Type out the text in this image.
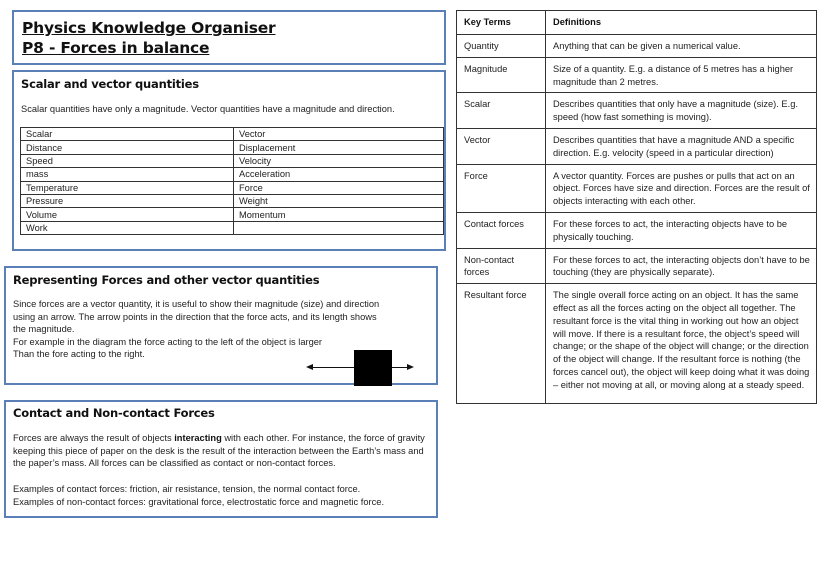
Physics Knowledge Organiser
P8 - Forces in balance
Scalar and vector quantities
Scalar quantities have only a magnitude. Vector quantities have a magnitude and direction.
Scalar	Vector
Distance	Displacement
Speed	Velocity
mass	Acceleration
Temperature	Force
Pressure	Weight
Volume	Momentum
Work	
Representing Forces and other vector quantities
Since forces are a vector quantity, it is useful to show their magnitude (size) and direction
using an arrow. The arrow points in the direction that the force acts, and its length shows
the magnitude.
For example in the diagram the force acting to the left of the object is larger
Than the fore acting to the right.
Contact and Non-contact Forces
Forces are always the result of objects interacting with each other. For instance, the force of gravity keeping this piece of paper on the desk is the result of the interaction between the Earth’s mass and the paper’s mass. All forces can be classified as contact or non-contact forces.
Examples of contact forces: friction, air resistance, tension, the normal contact force.
Examples of non-contact forces: gravitational force, electrostatic force and magnetic force.
Key Terms	Definitions
Quantity	Anything that can be given a numerical value.
Magnitude	Size of a quantity. E.g. a distance of 5 metres has a higher magnitude than 2 metres.
Scalar	Describes quantities that only have a magnitude (size). E.g. speed (how fast something is moving).
Vector	Describes quantities that have a magnitude AND a specific direction. E.g. velocity (speed in a particular direction)
Force	A vector quantity. Forces are pushes or pulls that act on an object. Forces have size and direction. Forces are the result of objects interacting with each other.
Contact forces	For these forces to act, the interacting objects have to be physically touching.
Non-contact forces	For these forces to act, the interacting objects don’t have to be touching (they are physically separate).
Resultant force	The single overall force acting on an object. It has the same effect as all the forces acting on the object all together. The resultant force is the vital thing in working out how an object will move. If there is a resultant force, the object’s speed will change; or the shape of the object will change; or the direction of the object will change. If the resultant force is nothing (the forces cancel out), the object will keep doing what it was doing – either not moving at all, or moving along at a steady speed.
